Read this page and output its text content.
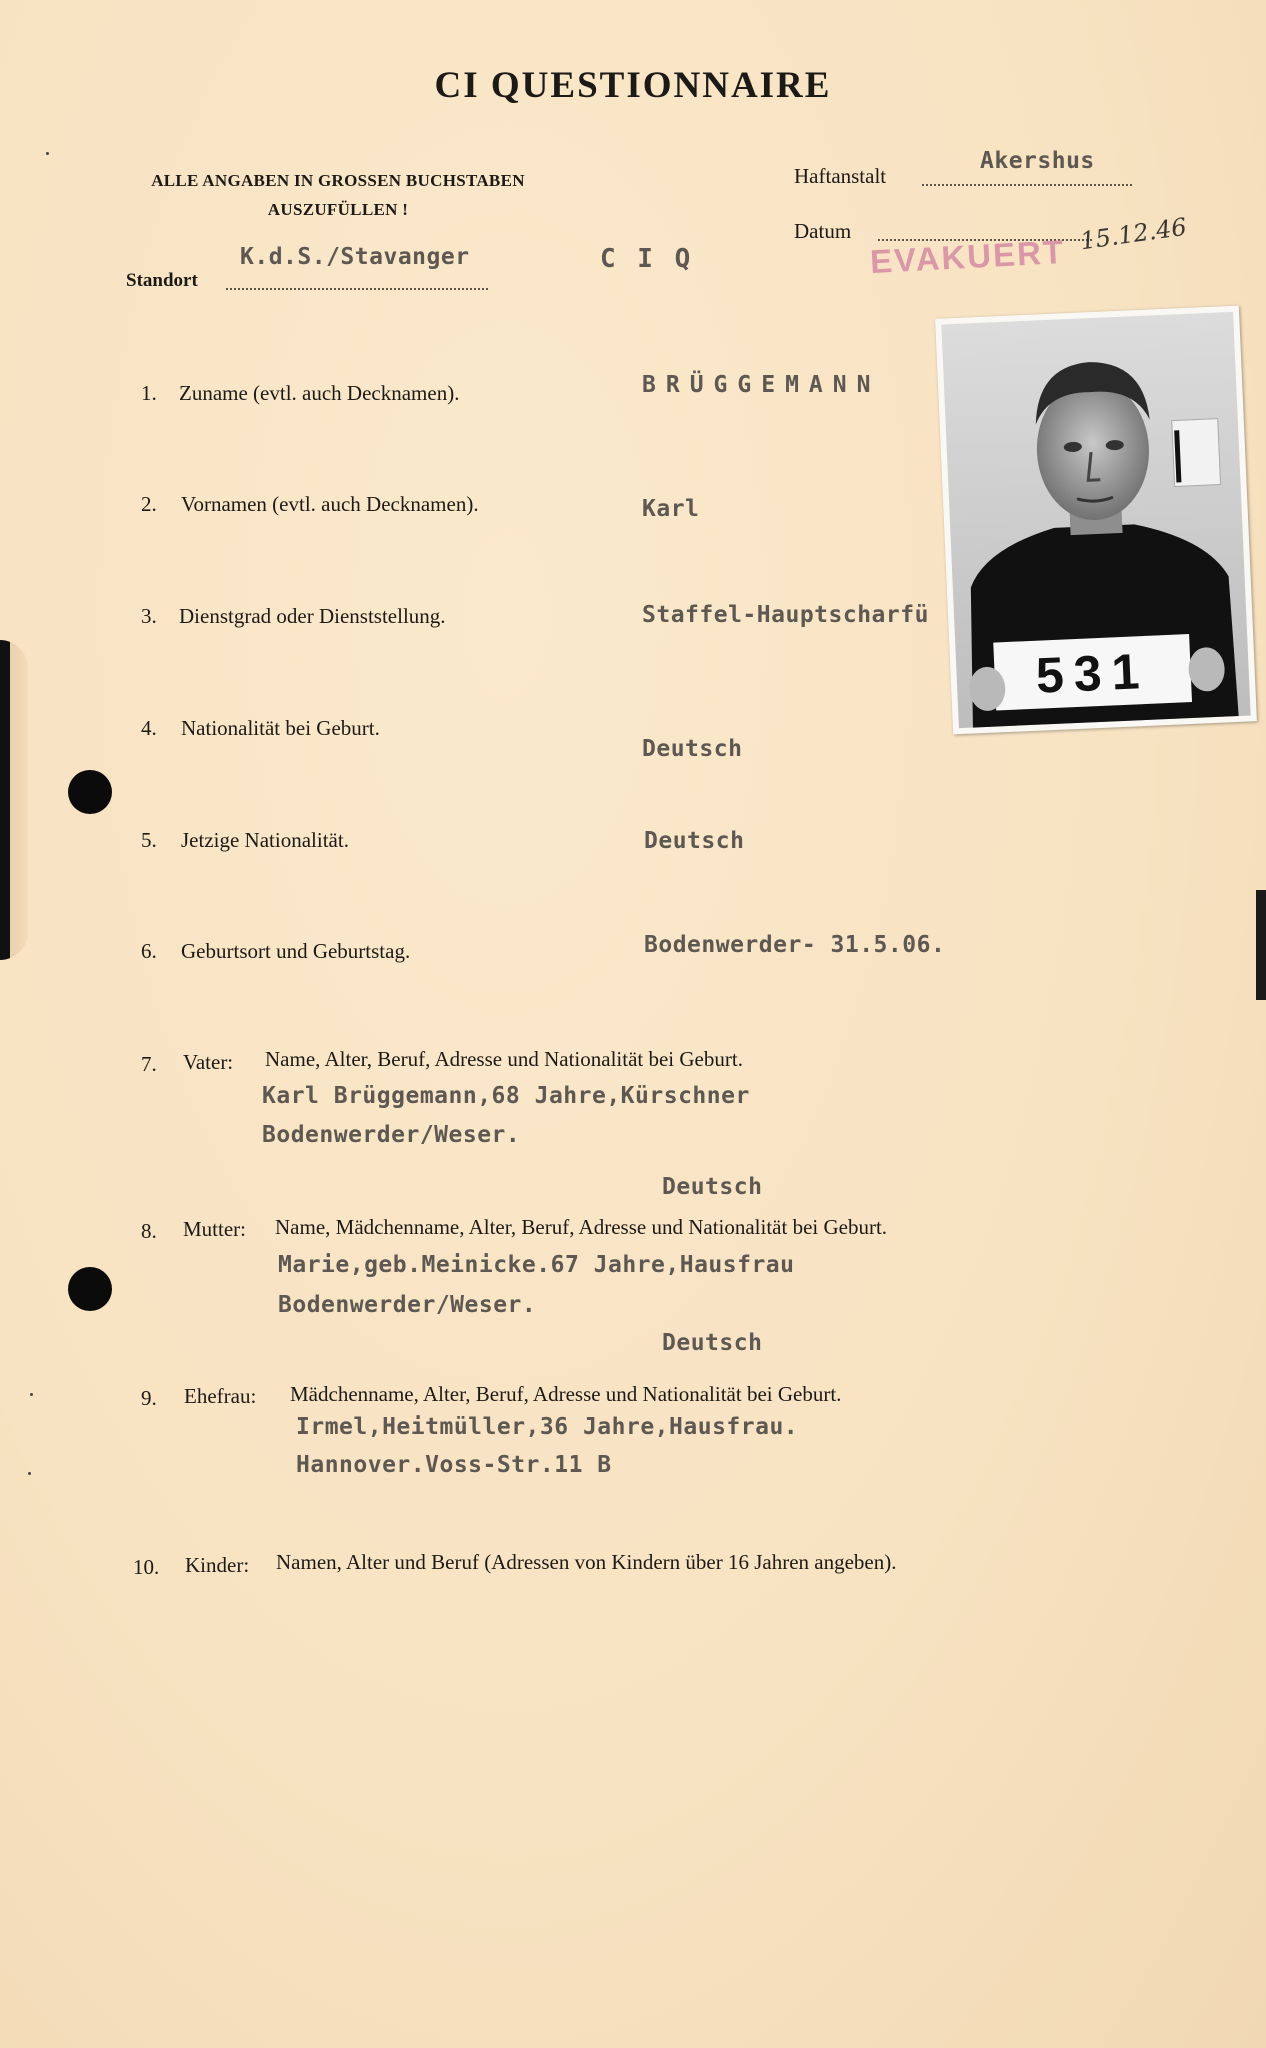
CI QUESTIONNAIRE
ALLE ANGABEN IN GROSSEN BUCHSTABEN
AUSZUFÜLLEN !
Haftanstalt
Akershus
Datum	15.12.46
EVAKUERT
Standort
K.d.S./Stavanger	C I Q
1. Zuname (evtl. auch Decknamen).	BRÜGGEMANN
2. Vornamen (evtl. auch Decknamen).	Karl
3. Dienstgrad oder Dienststellung.	Staffel-Hauptscharfü
4. Nationalität bei Geburt.
Deutsch
5. Jetzige Nationalität.	Deutsch
6. Geburtsort und Geburtstag.	Bodenwerder- 31.5.06.
7. Vater: Name, Alter, Beruf, Adresse und Nationalität bei Geburt.
Karl Brüggemann,68 Jahre,Kürschner
Bodenwerder/Weser.
Deutsch
8. Mutter: Name, Mädchenname, Alter, Beruf, Adresse und Nationalität bei Geburt.
Marie,geb.Meinicke.67 Jahre,Hausfrau
Bodenwerder/Weser.
Deutsch
9. Ehefrau: Mädchenname, Alter, Beruf, Adresse und Nationalität bei Geburt.
Irmel,Heitmüller,36 Jahre,Hausfrau.
Hannover.Voss-Str.11 B
10. Kinder: Namen, Alter und Beruf (Adressen von Kindern über 16 Jahren angeben).
531
